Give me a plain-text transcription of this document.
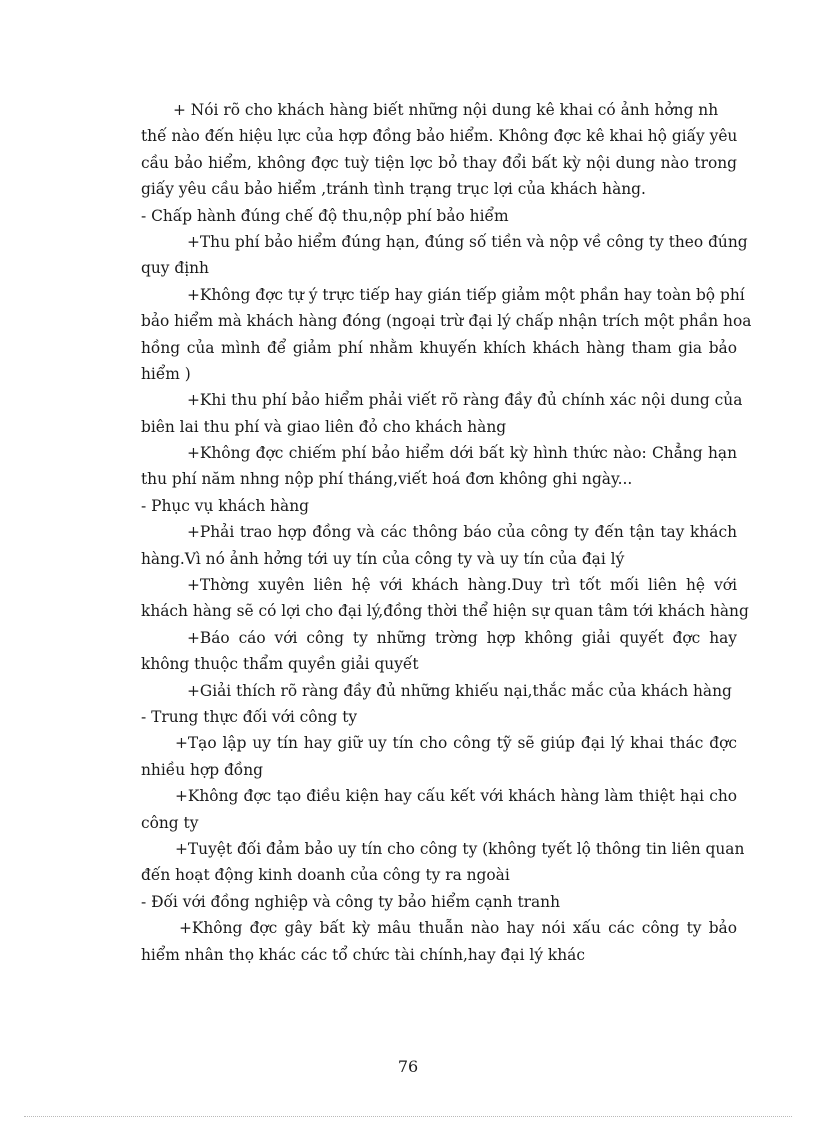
+ Nói rõ cho khách hàng biết những nội dung kê khai có ảnh hởng nh
thế nào đến hiệu lực của hợp đồng bảo hiểm. Không đợc kê khai hộ giấy yêu
cầu bảo hiểm, không đợc tuỳ tiện lợc bỏ thay đổi bất kỳ nội dung nào trong
giấy yêu cầu bảo hiểm ,tránh tình trạng trục lợi của khách hàng.
- Chấp hành đúng chế độ thu,nộp phí bảo hiểm
+Thu phí bảo hiểm đúng hạn, đúng số tiền và nộp về công ty theo đúng
quy định
+Không đợc tự ý trực tiếp hay gián tiếp giảm một phần hay toàn bộ phí
bảo hiểm mà khách hàng đóng (ngoại trừ đại lý chấp nhận trích một phần hoa
hồng của mình để giảm phí nhằm khuyến khích khách hàng tham gia bảo
hiểm )
+Khi thu phí bảo hiểm phải viết rõ ràng đầy đủ chính xác nội dung của
biên lai thu phí và giao liên đỏ cho khách hàng
+Không đợc chiếm phí bảo hiểm dới bất kỳ hình thức nào: Chẳng hạn
thu phí năm nhng nộp phí tháng,viết hoá đơn không ghi ngày...
- Phục vụ khách hàng
+Phải trao hợp đồng và các thông báo của công ty đến tận tay khách
hàng.Vì nó ảnh hởng tới uy tín của công ty và uy tín của đại lý
+Thờng xuyên liên hệ với khách hàng.Duy trì tốt mối liên hệ với
khách hàng sẽ có lợi cho đại lý,đồng thời thể hiện sự quan tâm tới khách hàng
+Báo cáo với công ty những trờng hợp không giải quyết đợc hay
không thuộc thẩm quyền giải quyết
+Giải thích rõ ràng đầy đủ những khiếu nại,thắc mắc của khách hàng
- Trung thực đối với công ty
+Tạo lập uy tín hay giữ uy tín cho công tỹ sẽ giúp đại lý khai thác đợc
nhiều hợp đồng
+Không đợc tạo điều kiện hay cấu kết với khách hàng làm thiệt hại cho
công ty
+Tuyệt đối đảm bảo uy tín cho công ty (không tyết lộ thông tin liên quan
đến hoạt động kinh doanh của công ty ra ngoài
- Đối với đồng nghiệp và công ty bảo hiểm cạnh tranh
+Không đợc gây bất kỳ mâu thuẫn nào hay nói xấu các công ty bảo
hiểm nhân thọ khác các tổ chức tài chính,hay đại lý khác
76
